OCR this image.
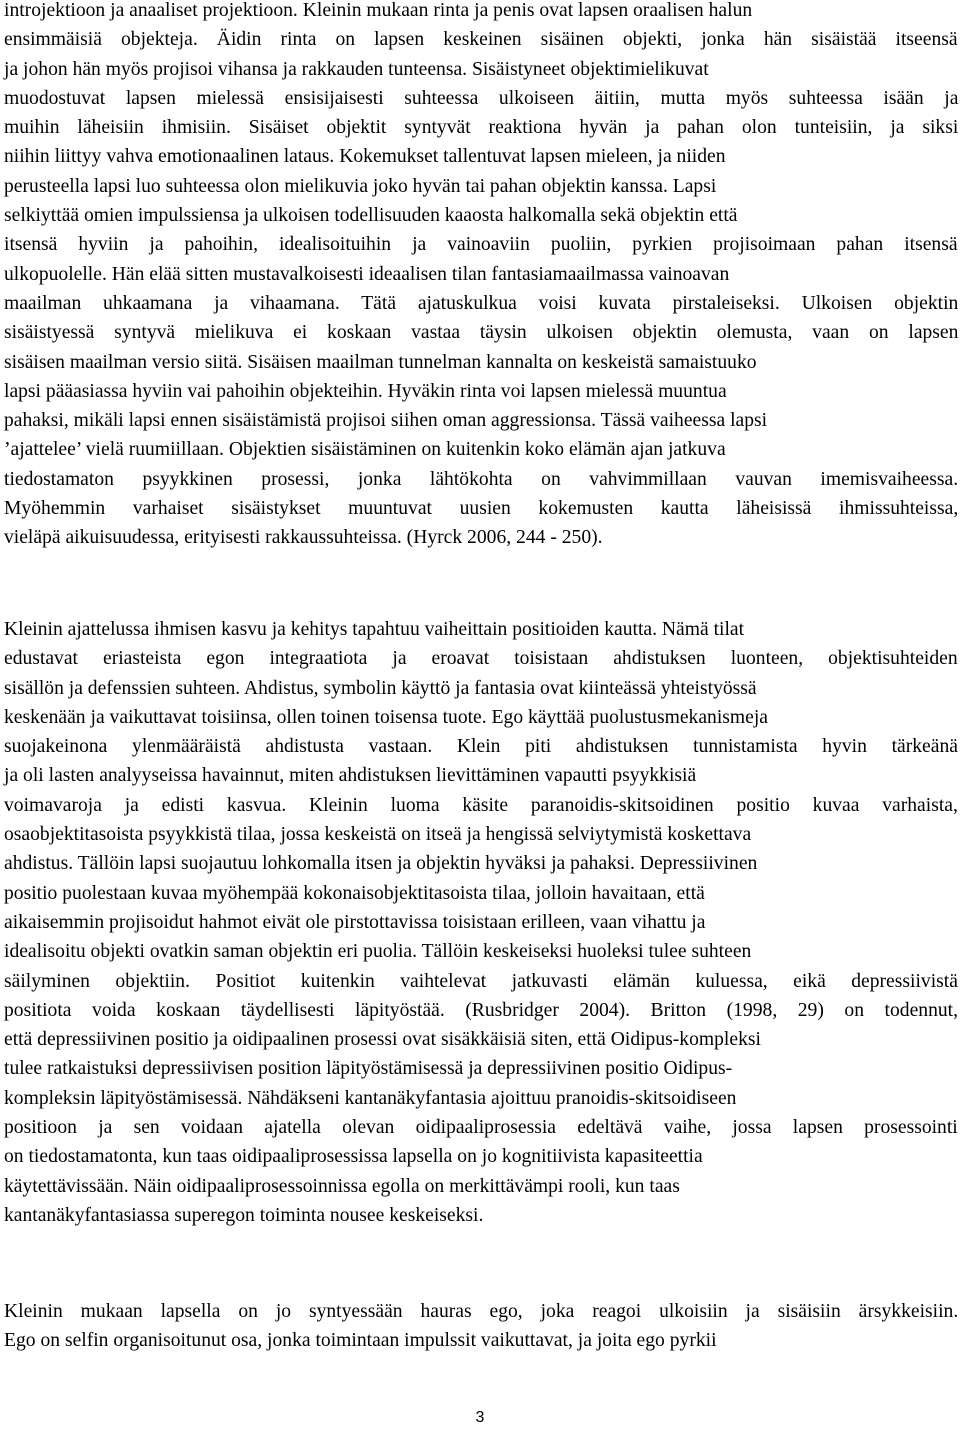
introjektioon ja anaaliset projektioon. Kleinin mukaan rinta ja penis ovat lapsen oraalisen halun
ensimmäisiä objekteja. Äidin rinta on lapsen keskeinen sisäinen objekti, jonka hän sisäistää itseensä
ja johon hän myös projisoi vihansa ja rakkauden tunteensa. Sisäistyneet objektimielikuvat
muodostuvat lapsen mielessä ensisijaisesti suhteessa ulkoiseen äitiin, mutta myös suhteessa isään ja
muihin läheisiin ihmisiin. Sisäiset objektit syntyvät reaktiona hyvän ja pahan olon tunteisiin, ja siksi
niihin liittyy vahva emotionaalinen lataus. Kokemukset tallentuvat lapsen mieleen, ja niiden
perusteella lapsi luo suhteessa olon mielikuvia joko hyvän tai pahan objektin kanssa. Lapsi
selkiyttää omien impulssiensa ja ulkoisen todellisuuden kaaosta halkomalla sekä objektin että
itsensä hyviin ja pahoihin, idealisoituihin ja vainoaviin puoliin, pyrkien projisoimaan pahan itsensä
ulkopuolelle. Hän elää sitten mustavalkoisesti ideaalisen tilan fantasiamaailmassa vainoavan
maailman uhkaamana ja vihaamana. Tätä ajatuskulkua voisi kuvata pirstaleiseksi. Ulkoisen objektin
sisäistyessä syntyvä mielikuva ei koskaan vastaa täysin ulkoisen objektin olemusta, vaan on lapsen
sisäisen maailman versio siitä. Sisäisen maailman tunnelman kannalta on keskeistä samaistuuko
lapsi pääasiassa hyviin vai pahoihin objekteihin. Hyväkin rinta voi lapsen mielessä muuntua
pahaksi, mikäli lapsi ennen sisäistämistä projisoi siihen oman aggressionsa. Tässä vaiheessa lapsi
’ajattelee’ vielä ruumiillaan. Objektien sisäistäminen on kuitenkin koko elämän ajan jatkuva
tiedostamaton psyykkinen prosessi, jonka lähtökohta on vahvimmillaan vauvan imemisvaiheessa.
Myöhemmin varhaiset sisäistykset muuntuvat uusien kokemusten kautta läheisissä ihmissuhteissa,
vieläpä aikuisuudessa, erityisesti rakkaussuhteissa. (Hyrck 2006, 244 - 250).
Kleinin ajattelussa ihmisen kasvu ja kehitys tapahtuu vaiheittain positioiden kautta. Nämä tilat
edustavat eriasteista egon integraatiota ja eroavat toisistaan ahdistuksen luonteen, objektisuhteiden
sisällön ja defenssien suhteen. Ahdistus, symbolin käyttö ja fantasia ovat kiinteässä yhteistyössä
keskenään ja vaikuttavat toisiinsa, ollen toinen toisensa tuote. Ego käyttää puolustusmekanismeja
suojakeinona ylenmääräistä ahdistusta vastaan. Klein piti ahdistuksen tunnistamista hyvin tärkeänä
ja oli lasten analyyseissa havainnut, miten ahdistuksen lievittäminen vapautti psyykkisiä
voimavaroja ja edisti kasvua. Kleinin luoma käsite paranoidis-skitsoidinen positio kuvaa varhaista,
osaobjektitasoista psyykkistä tilaa, jossa keskeistä on itseä ja hengissä selviytymistä koskettava
ahdistus. Tällöin lapsi suojautuu lohkomalla itsen ja objektin hyväksi ja pahaksi. Depressiivinen
positio puolestaan kuvaa myöhempää kokonaisobjektitasoista tilaa, jolloin havaitaan, että
aikaisemmin projisoidut hahmot eivät ole pirstottavissa toisistaan erilleen, vaan vihattu ja
idealisoitu objekti ovatkin saman objektin eri puolia. Tällöin keskeiseksi huoleksi tulee suhteen
säilyminen objektiin. Positiot kuitenkin vaihtelevat jatkuvasti elämän kuluessa, eikä depressiivistä
positiota voida koskaan täydellisesti läpityöstää. (Rusbridger 2004). Britton (1998, 29) on todennut,
että depressiivinen positio ja oidipaalinen prosessi ovat sisäkkäisiä siten, että Oidipus-kompleksi
tulee ratkaistuksi depressiivisen position läpityöstämisessä ja depressiivinen positio Oidipus-
kompleksin läpityöstämisessä. Nähdäkseni kantanäkyfantasia ajoittuu pranoidis-skitsoidiseen
positioon ja sen voidaan ajatella olevan oidipaaliprosessia edeltävä vaihe, jossa lapsen prosessointi
on tiedostamatonta, kun taas oidipaaliprosessissa lapsella on jo kognitiivista kapasiteettia
käytettävissään. Näin oidipaaliprosessoinnissa egolla on merkittävämpi rooli, kun taas
kantanäkyfantasiassa superegon toiminta nousee keskeiseksi.
Kleinin mukaan lapsella on jo syntyessään hauras ego, joka reagoi ulkoisiin ja sisäisiin ärsykkeisiin.
Ego on selfin organisoitunut osa, jonka toimintaan impulssit vaikuttavat, ja joita ego pyrkii
3
